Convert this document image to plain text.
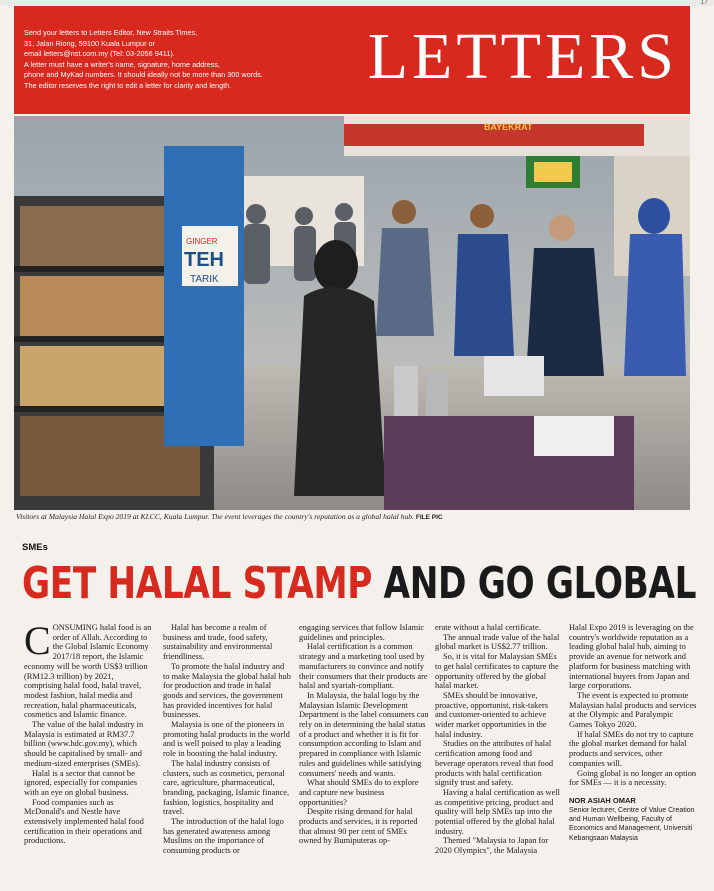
17
Send your letters to Letters Editor, New Straits Times,
31, Jalan Riong, 59100 Kuala Lumpur or
email letters@nst.com.my (Tel: 03-2056 9411).
A letter must have a writer's name, signature, home address,
phone and MyKad numbers. It should ideally not be more than 300 words.
The editor reserves the right to edit a letter for clarity and length.	LETTERS
BAYEKRAT
GINGER
TEH
TARIK
Visitors at Malaysia Halal Expo 2019 at KLCC, Kuala Lumpur. The event leverages the country's reputation as a global halal hub. FILE PIC
SMEs
GET HALAL STAMP AND GO GLOBAL

CONSUMING halal food is an order of Allah. According to the Global Islamic Economy 2017/18 report, the Islamic economy will be worth US$3 trillion (RM12.3 trillion) by 2021, comprising halal food, halal travel, modest fashion, halal media and recreation, halal pharmaceuticals, cosmetics and Islamic finance.

The value of the halal industry in Malaysia is estimated at RM37.7 billion (www.hdc.gov.my), which should be capitalised by small- and medium-sized enterprises (SMEs).

Halal is a sector that cannot be ignored, especially for companies with an eye on global business.

Food companies such as McDonald's and Nestle have extensively implemented halal food certification in their operations and productions.

Halal has become a realm of business and trade, food safety, sustainability and environmental friendliness.

To promote the halal industry and to make Malaysia the global halal hub for production and trade in halal goods and services, the government has provided incentives for halal businesses.

Malaysia is one of the pioneers in promoting halal products in the world and is well poised to play a leading role in boosting the halal industry.

The halal industry consists of clusters, such as cosmetics, personal care, agriculture, pharmaceutical, branding, packaging, Islamic finance, fashion, logistics, hospitality and travel.

The introduction of the halal logo has generated awareness among Muslims on the importance of consuming products or

engaging services that follow Islamic guidelines and principles.

Halal certification is a common strategy and a marketing tool used by manufacturers to convince and notify their consumers that their products are halal and syariah-compliant.

In Malaysia, the halal logo by the Malaysian Islamic Development Department is the label consumers can rely on in determining the halal status of a product and whether it is fit for consumption according to Islam and prepared in compliance with Islamic rules and guidelines while satisfying consumers' needs and wants.

What should SMEs do to explore and capture new business opportunities?

Despite rising demand for halal products and services, it is reported that almost 90 per cent of SMEs owned by Bumiputeras op-

erate without a halal certificate.

The annual trade value of the halal global market is US$2.77 trillion.

So, it is vital for Malaysian SMEs to get halal certificates to capture the opportunity offered by the global halal market.

SMEs should be innovative, proactive, opportunist, risk-takers and customer-oriented to achieve wider market opportunities in the halal industry.

Studies on the attributes of halal certification among food and beverage operators reveal that food products with halal certification signify trust and safety.

Having a halal certification as well as competitive pricing, product and quality will help SMEs tap into the potential offered by the global halal industry.

Themed "Malaysia to Japan for 2020 Olympics", the Malaysia

Halal Expo 2019 is leveraging on the country's worldwide reputation as a leading global halal hub, aiming to provide an avenue for network and platform for business matching with international buyers from Japan and large corporations.

The event is expected to promote Malaysian halal products and services at the Olympic and Paralympic Games Tokyo 2020.

If halal SMEs do not try to capture the global market demand for halal products and services, other companies will.

Going global is no longer an option for SMEs — it is a necessity.

NOR ASIAH OMAR
Senior lecturer, Centre of Value Creation and Human Wellbeing, Faculty of Economics and Management, Universiti Kebangsaan Malaysia
